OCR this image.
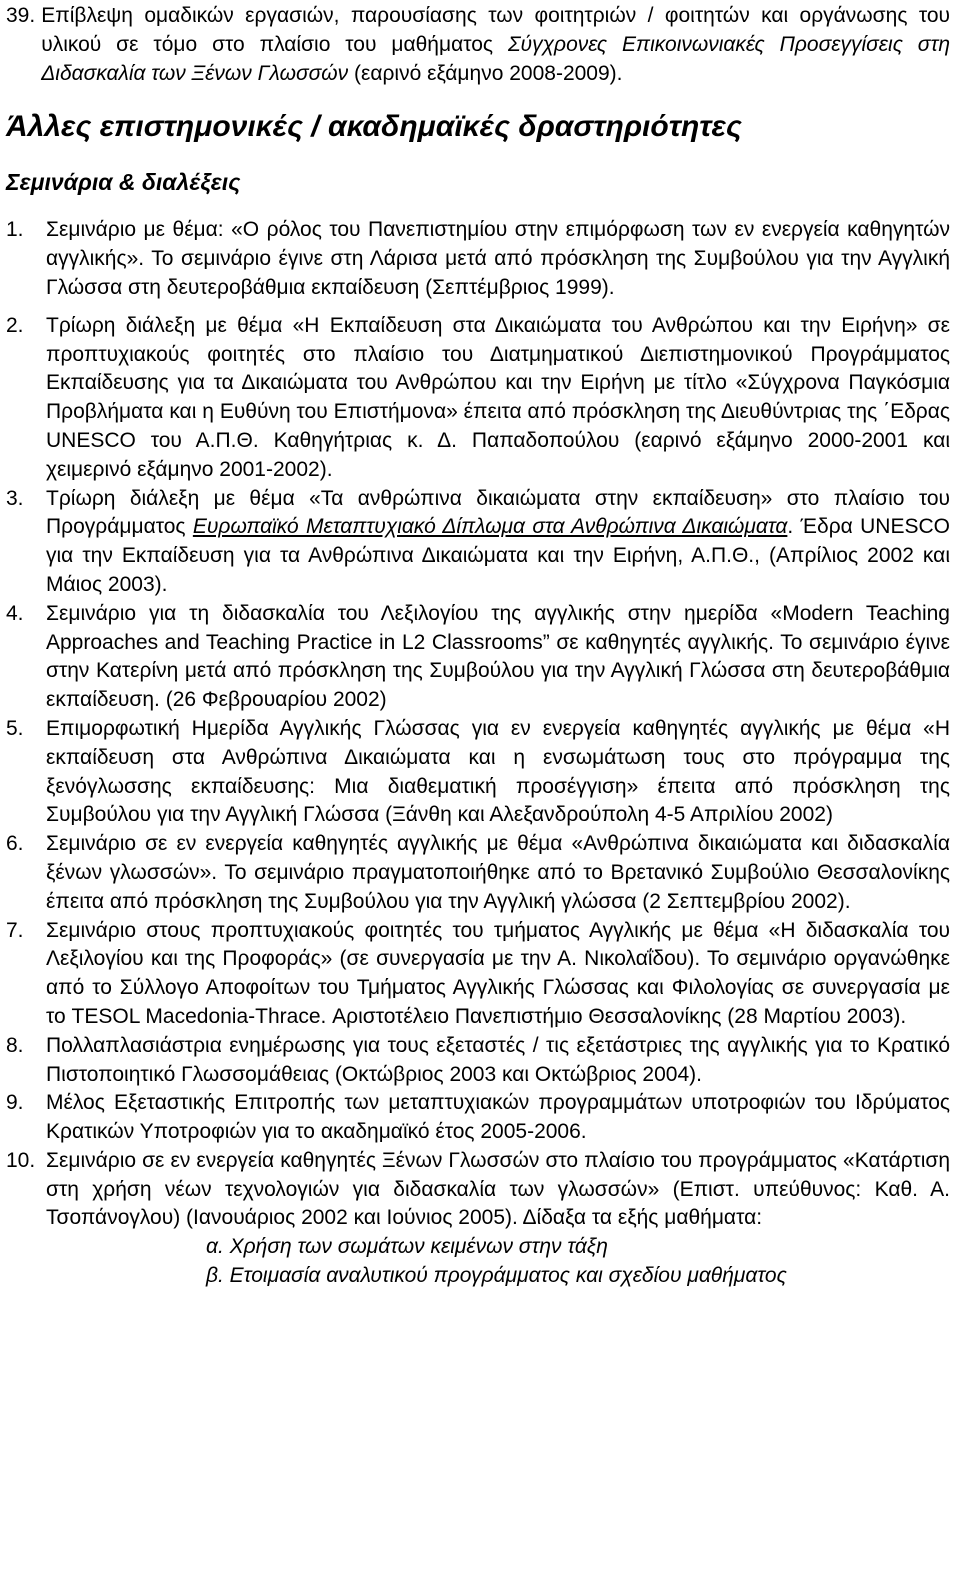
39. Επίβλεψη ομαδικών εργασιών, παρουσίασης των φοιτητριών / φοιτητών και οργάνωσης του υλικού σε τόμο στο πλαίσιο του μαθήματος Σύγχρονες Επικοινωνιακές Προσεγγίσεις στη Διδασκαλία των Ξένων Γλωσσών (εαρινό εξάμηνο 2008-2009).
Άλλες επιστημονικές / ακαδημαϊκές δραστηριότητες
Σεμινάρια & διαλέξεις
1.	Σεμινάριο με θέμα: «Ο ρόλος του Πανεπιστημίου στην επιμόρφωση των εν ενεργεία καθηγητών αγγλικής». Το σεμινάριο έγινε στη Λάρισα μετά από πρόσκληση της Συμβούλου για την Αγγλική Γλώσσα στη δευτεροβάθμια εκπαίδευση (Σεπτέμβριος 1999).
2.	Τρίωρη διάλεξη με θέμα «Η Εκπαίδευση στα Δικαιώματα του Ανθρώπου και την Ειρήνη» σε προπτυχιακούς φοιτητές στο πλαίσιο του Διατμηματικού Διεπιστημονικού Προγράμματος Εκπαίδευσης για τα Δικαιώματα του Ανθρώπου και την Ειρήνη με τίτλο «Σύγχρονα Παγκόσμια Προβλήματα και η Ευθύνη του Επιστήμονα» έπειτα από πρόσκληση της Διευθύντριας της ΄Εδρας UNESCO του Α.Π.Θ. Καθηγήτριας κ. Δ. Παπαδοπούλου (εαρινό εξάμηνο 2000-2001 και χειμερινό εξάμηνο 2001-2002).
3.	Τρίωρη διάλεξη με θέμα «Τα ανθρώπινα δικαιώματα στην εκπαίδευση» στο πλαίσιο του Προγράμματος Ευρωπαϊκό Μεταπτυχιακό Δίπλωμα στα Ανθρώπινα Δικαιώματα. Έδρα UNESCO για την Εκπαίδευση για τα Ανθρώπινα Δικαιώματα και την Ειρήνη, Α.Π.Θ., (Απρίλιος 2002 και Μάιος 2003).
4.	Σεμινάριο για τη διδασκαλία του Λεξιλογίου της αγγλικής στην ημερίδα «Modern Teaching Approaches and Teaching Practice in L2 Classrooms” σε καθηγητές αγγλικής. Το σεμινάριο έγινε στην Κατερίνη μετά από πρόσκληση της Συμβούλου για την Αγγλική Γλώσσα στη δευτεροβάθμια εκπαίδευση. (26 Φεβρουαρίου 2002)
5.	Επιμορφωτική Ημερίδα Αγγλικής Γλώσσας για εν ενεργεία καθηγητές αγγλικής με θέμα «Η εκπαίδευση στα Ανθρώπινα Δικαιώματα και η ενσωμάτωση τους στο πρόγραμμα της ξενόγλωσσης εκπαίδευσης: Μια διαθεματική προσέγγιση» έπειτα από πρόσκληση της Συμβούλου για την Αγγλική Γλώσσα (Ξάνθη και Αλεξανδρούπολη 4-5 Απριλίου 2002)
6.	Σεμινάριο σε εν ενεργεία καθηγητές αγγλικής με θέμα «Ανθρώπινα δικαιώματα και διδασκαλία ξένων γλωσσών». Το σεμινάριο πραγματοποιήθηκε από το Βρετανικό Συμβούλιο Θεσσαλονίκης έπειτα από πρόσκληση της Συμβούλου για την Αγγλική γλώσσα (2 Σεπτεμβρίου 2002).
7.	Σεμινάριο στους προπτυχιακούς φοιτητές του τμήματος Αγγλικής με θέμα «Η διδασκαλία του Λεξιλογίου και της Προφοράς» (σε συνεργασία με την Α. Νικολαΐδου). Το σεμινάριο οργανώθηκε από το Σύλλογο Αποφοίτων του Τμήματος Αγγλικής Γλώσσας και Φιλολογίας σε συνεργασία με το TESOL Macedonia-Thrace. Αριστοτέλειο Πανεπιστήμιο Θεσσαλονίκης (28 Μαρτίου 2003).
8.	Πολλαπλασιάστρια ενημέρωσης για τους εξεταστές / τις εξετάστριες της αγγλικής για το Κρατικό Πιστοποιητικό Γλωσσομάθειας (Οκτώβριος 2003 και Οκτώβριος 2004).
9.	Μέλος Εξεταστικής Επιτροπής των μεταπτυχιακών προγραμμάτων υποτροφιών του Ιδρύματος Κρατικών Υποτροφιών για το ακαδημαϊκό έτος 2005-2006.
10. Σεμινάριο σε εν ενεργεία καθηγητές Ξένων Γλωσσών στο πλαίσιο του προγράμματος «Κατάρτιση στη χρήση νέων τεχνολογιών για διδασκαλία των γλωσσών» (Επιστ. υπεύθυνος: Καθ. Α. Τσοπάνογλου) (Ιανουάριος 2002 και Ιούνιος 2005). Δίδαξα τα εξής μαθήματα:
α. Χρήση των σωμάτων κειμένων στην τάξη
β. Ετοιμασία αναλυτικού προγράμματος και σχεδίου μαθήματος
